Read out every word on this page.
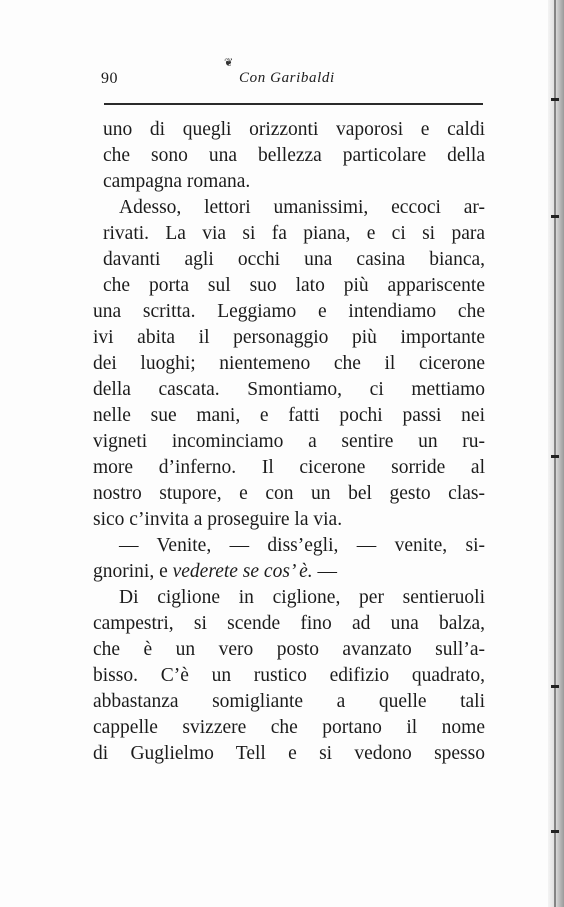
90
❦
Con Garibaldi
uno di quegli orizzonti vaporosi e caldi
che sono una bellezza particolare della
campagna romana.
Adesso, lettori umanissimi, eccoci ar-
rivati. La via si fa piana, e ci si para
davanti agli occhi una casina bianca,
che porta sul suo lato più appariscente
una scritta. Leggiamo e intendiamo che
ivi abita il personaggio più importante
dei luoghi; nientemeno che il cicerone
della cascata. Smontiamo, ci mettiamo
nelle sue mani, e fatti pochi passi nei
vigneti incominciamo a sentire un ru-
more d’inferno. Il cicerone sorride al
nostro stupore, e con un bel gesto clas-
sico c’invita a proseguire la via.
— Venite, — diss’egli, — venite, si-
gnorini, e vederete se cos’ è. —
Di ciglione in ciglione, per sentieruoli
campestri, si scende fino ad una balza,
che è un vero posto avanzato sull’a-
bisso. C’è un rustico edifizio quadrato,
abbastanza somigliante a quelle tali
cappelle svizzere che portano il nome
di Guglielmo Tell e si vedono spesso
